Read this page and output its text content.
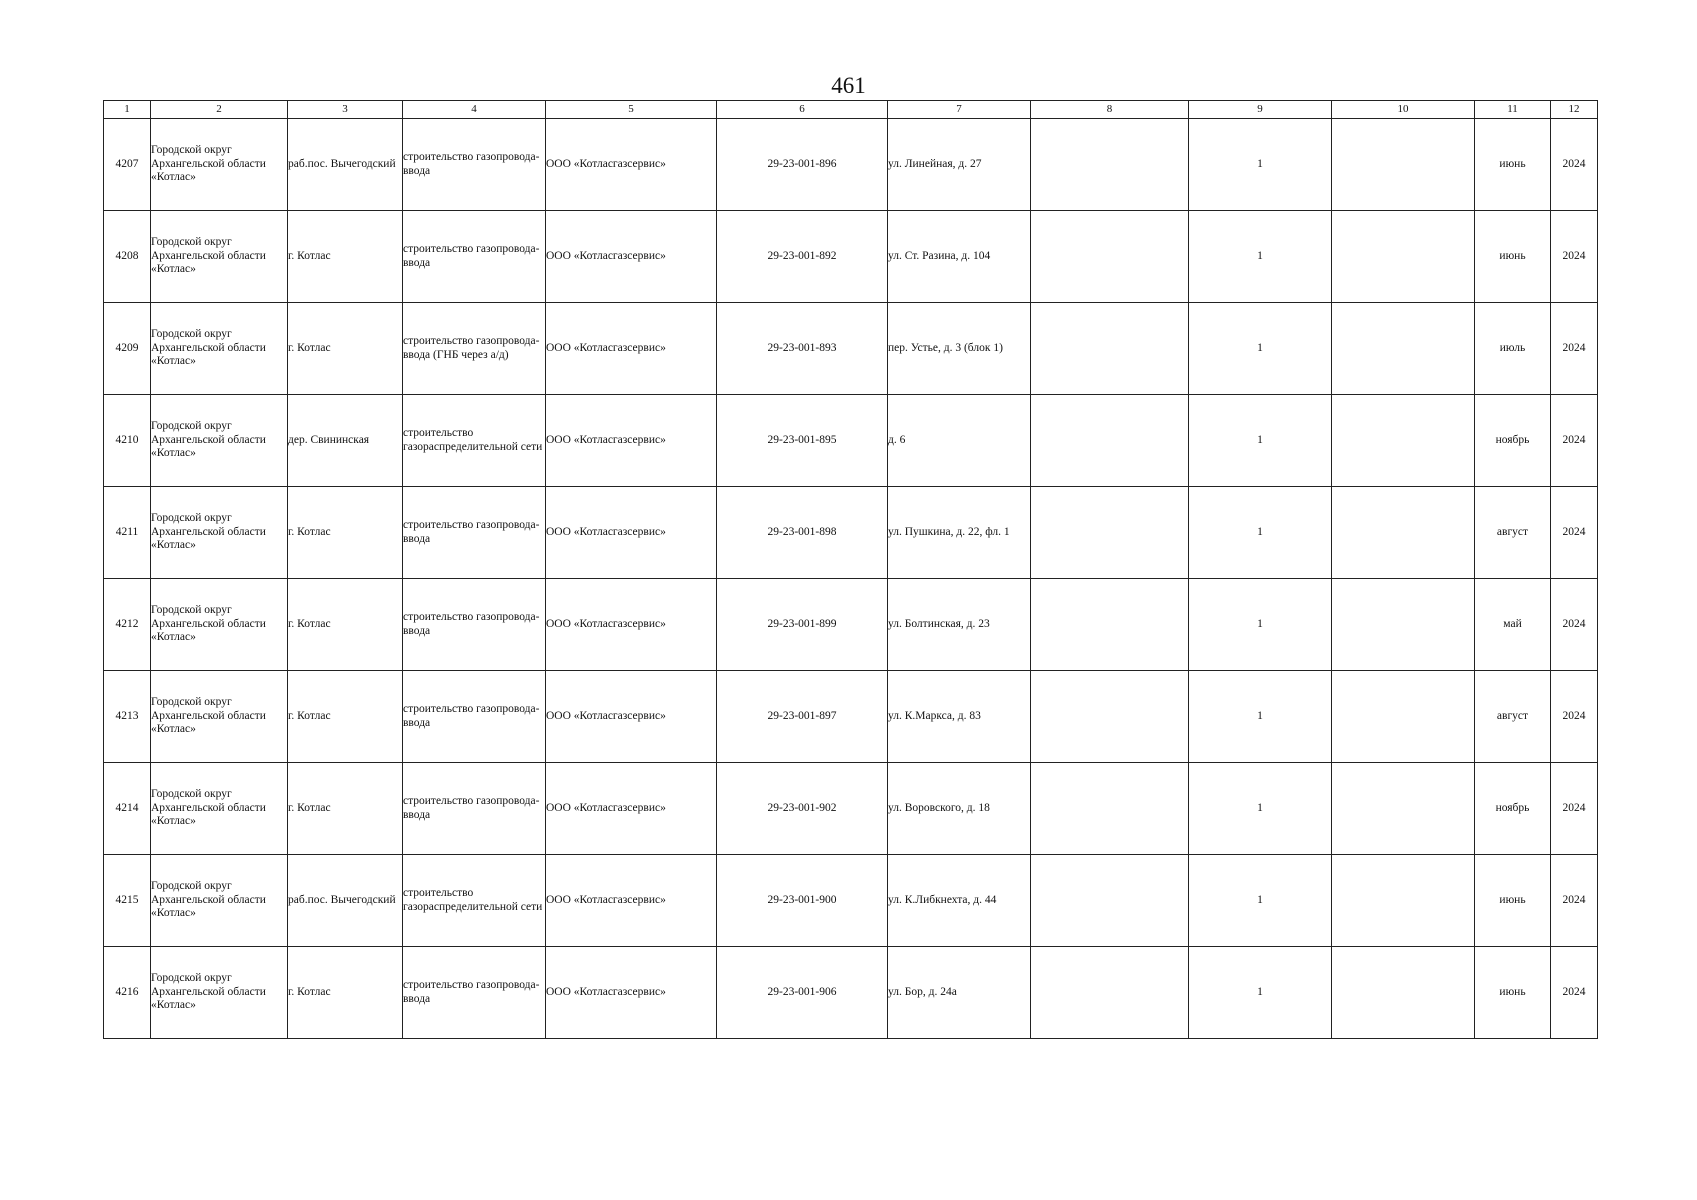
461
1	2	3	4	5	6	7	8	9	10	11	12
4207	Городской округ Архангельской области «Котлас»	раб.пос. Вычегодский	строительство газопровода-ввода	ООО «Котласгазсервис»	29-23-001-896	ул. Линейная, д. 27		1		июнь	2024
4208	Городской округ Архангельской области «Котлас»	г. Котлас	строительство газопровода-ввода	ООО «Котласгазсервис»	29-23-001-892	ул. Ст. Разина, д. 104		1		июнь	2024
4209	Городской округ Архангельской области «Котлас»	г. Котлас	строительство газопровода-ввода (ГНБ через а/д)	ООО «Котласгазсервис»	29-23-001-893	пер. Устье, д. 3 (блок 1)		1		июль	2024
4210	Городской округ Архангельской области «Котлас»	дер. Свининская	строительство газораспределительной сети	ООО «Котласгазсервис»	29-23-001-895	д. 6		1		ноябрь	2024
4211	Городской округ Архангельской области «Котлас»	г. Котлас	строительство газопровода-ввода	ООО «Котласгазсервис»	29-23-001-898	ул. Пушкина, д. 22, фл. 1		1		август	2024
4212	Городской округ Архангельской области «Котлас»	г. Котлас	строительство газопровода-ввода	ООО «Котласгазсервис»	29-23-001-899	ул. Болтинская, д. 23		1		май	2024
4213	Городской округ Архангельской области «Котлас»	г. Котлас	строительство газопровода-ввода	ООО «Котласгазсервис»	29-23-001-897	ул. К.Маркса, д. 83		1		август	2024
4214	Городской округ Архангельской области «Котлас»	г. Котлас	строительство газопровода-ввода	ООО «Котласгазсервис»	29-23-001-902	ул. Воровского, д. 18		1		ноябрь	2024
4215	Городской округ Архангельской области «Котлас»	раб.пос. Вычегодский	строительство газораспределительной сети	ООО «Котласгазсервис»	29-23-001-900	ул. К.Либкнехта, д. 44		1		июнь	2024
4216	Городской округ Архангельской области «Котлас»	г. Котлас	строительство газопровода-ввода	ООО «Котласгазсервис»	29-23-001-906	ул. Бор, д. 24а		1		июнь	2024
